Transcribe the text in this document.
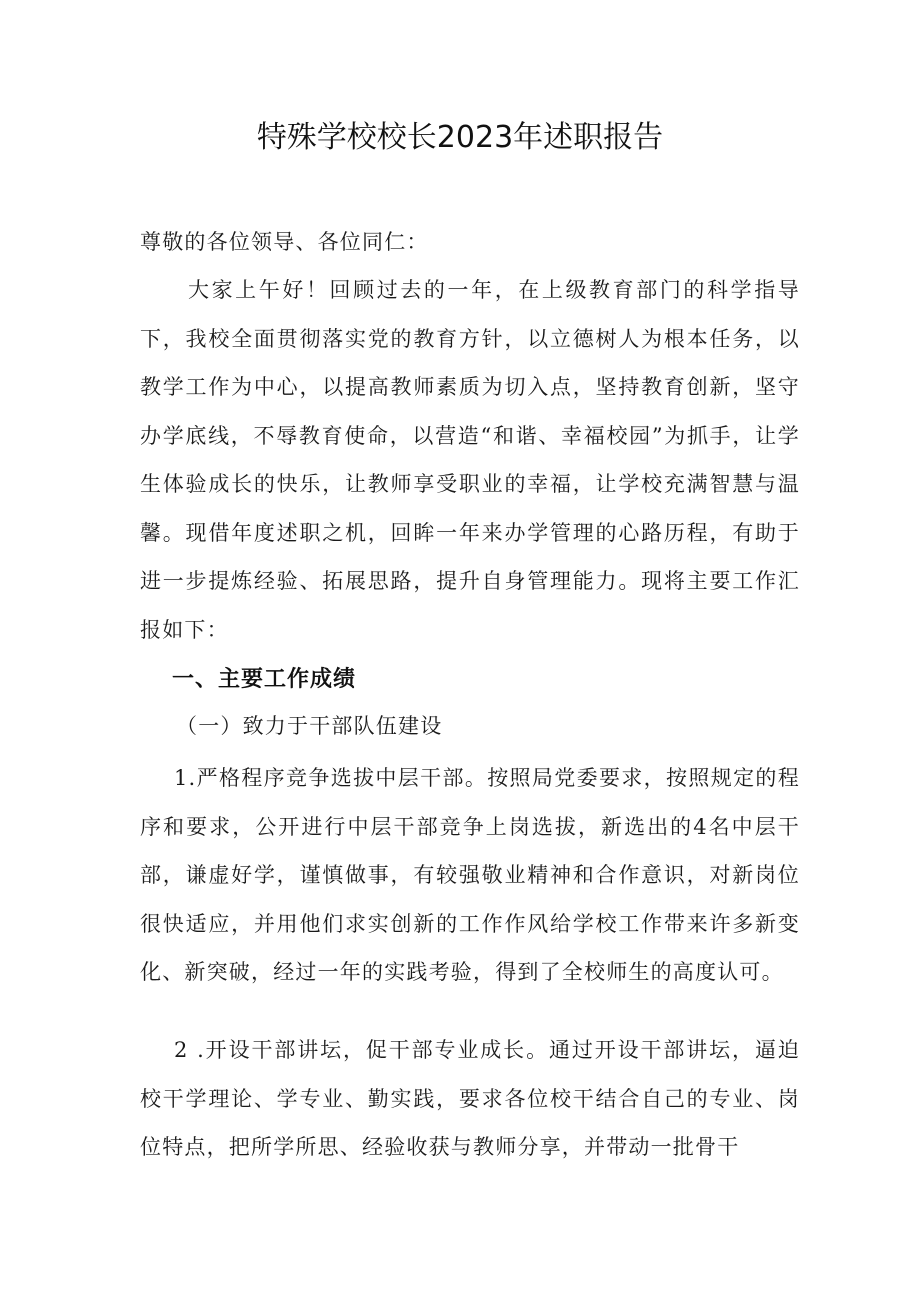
特殊学校校长2023年述职报告
尊敬的各位领导、各位同仁：
大家上午好！回顾过去的一年，在上级教育部门的科学指导下，我校全面贯彻落实党的教育方针，以立德树人为根本任务，以教学工作为中心，以提高教师素质为切入点，坚持教育创新，坚守办学底线，不辱教育使命，以营造“和谐、幸福校园”为抓手，让学生体验成长的快乐，让教师享受职业的幸福，让学校充满智慧与温馨。现借年度述职之机，回眸一年来办学管理的心路历程，有助于进一步提炼经验、拓展思路，提升自身管理能力。现将主要工作汇报如下：
一、主要工作成绩
（一）致力于干部队伍建设
1.严格程序竞争选拔中层干部。按照局党委要求，按照规定的程序和要求，公开进行中层干部竞争上岗选拔，新选出的4名中层干部，谦虚好学，谨慎做事，有较强敬业精神和合作意识，对新岗位很快适应，并用他们求实创新的工作作风给学校工作带来许多新变化、新突破，经过一年的实践考验，得到了全校师生的高度认可。
2 .开设干部讲坛，促干部专业成长。通过开设干部讲坛，逼迫校干学理论、学专业、勤实践，要求各位校干结合自己的专业、岗位特点，把所学所思、经验收获与教师分享，并带动一批骨干
